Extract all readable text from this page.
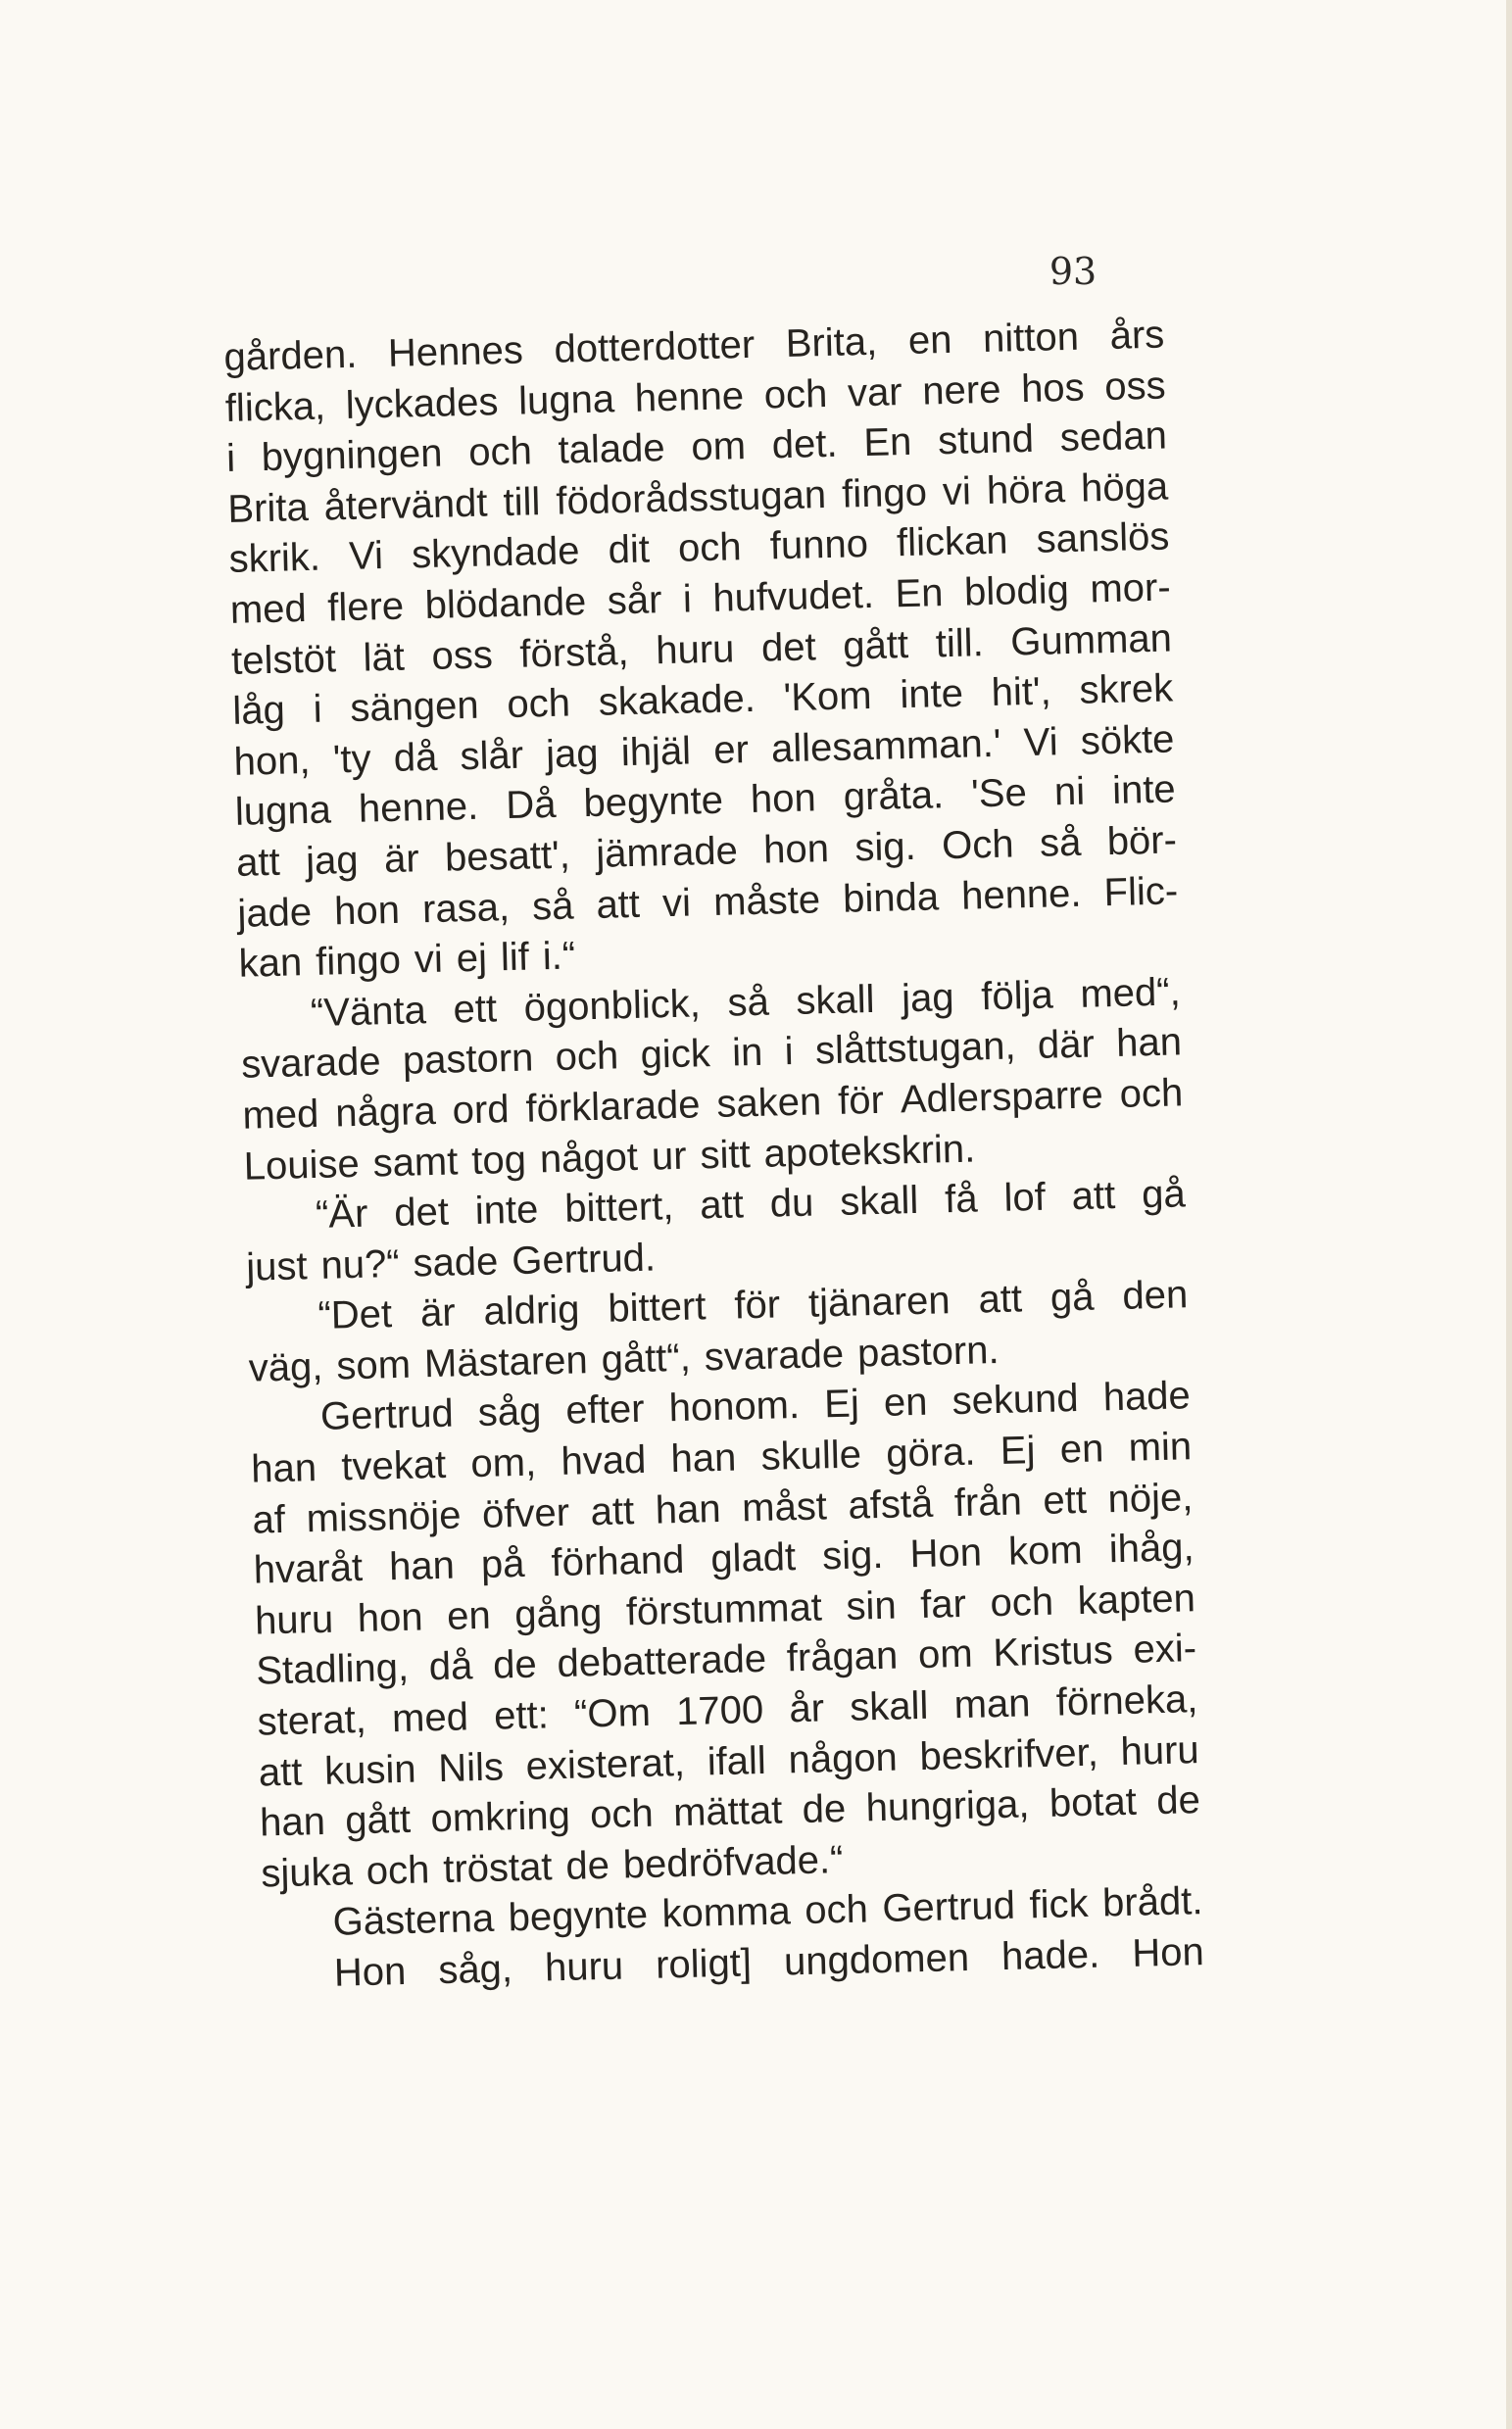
93
gården. Hennes dotterdotter Brita, en nitton års
flicka, lyckades lugna henne och var nere hos oss
i bygningen och talade om det. En stund sedan
Brita återvändt till födorådsstugan fingo vi höra höga
skrik. Vi skyndade dit och funno flickan sanslös
med flere blödande sår i hufvudet. En blodig mor-
telstöt lät oss förstå, huru det gått till. Gumman
låg i sängen och skakade. 'Kom inte hit', skrek
hon, 'ty då slår jag ihjäl er allesamman.' Vi sökte
lugna henne. Då begynte hon gråta. 'Se ni inte
att jag är besatt', jämrade hon sig. Och så bör-
jade hon rasa, så att vi måste binda henne. Flic-
kan fingo vi ej lif i.“
“Vänta ett ögonblick, så skall jag följa med“,
svarade pastorn och gick in i slåttstugan, där han
med några ord förklarade saken för Adlersparre och
Louise samt tog något ur sitt apotekskrin.
“Är det inte bittert, att du skall få lof att gå
just nu?“ sade Gertrud.
“Det är aldrig bittert för tjänaren att gå den
väg, som Mästaren gått“, svarade pastorn.
Gertrud såg efter honom. Ej en sekund hade
han tvekat om, hvad han skulle göra. Ej en min
af missnöje öfver att han måst afstå från ett nöje,
hvaråt han på förhand gladt sig. Hon kom ihåg,
huru hon en gång förstummat sin far och kapten
Stadling, då de debatterade frågan om Kristus exi-
sterat, med ett: “Om 1700 år skall man förneka,
att kusin Nils existerat, ifall någon beskrifver, huru
han gått omkring och mättat de hungriga, botat de
sjuka och tröstat de bedröfvade.“
Gästerna begynte komma och Gertrud fick brådt.
Hon såg, huru roligt] ungdomen hade. Hon
